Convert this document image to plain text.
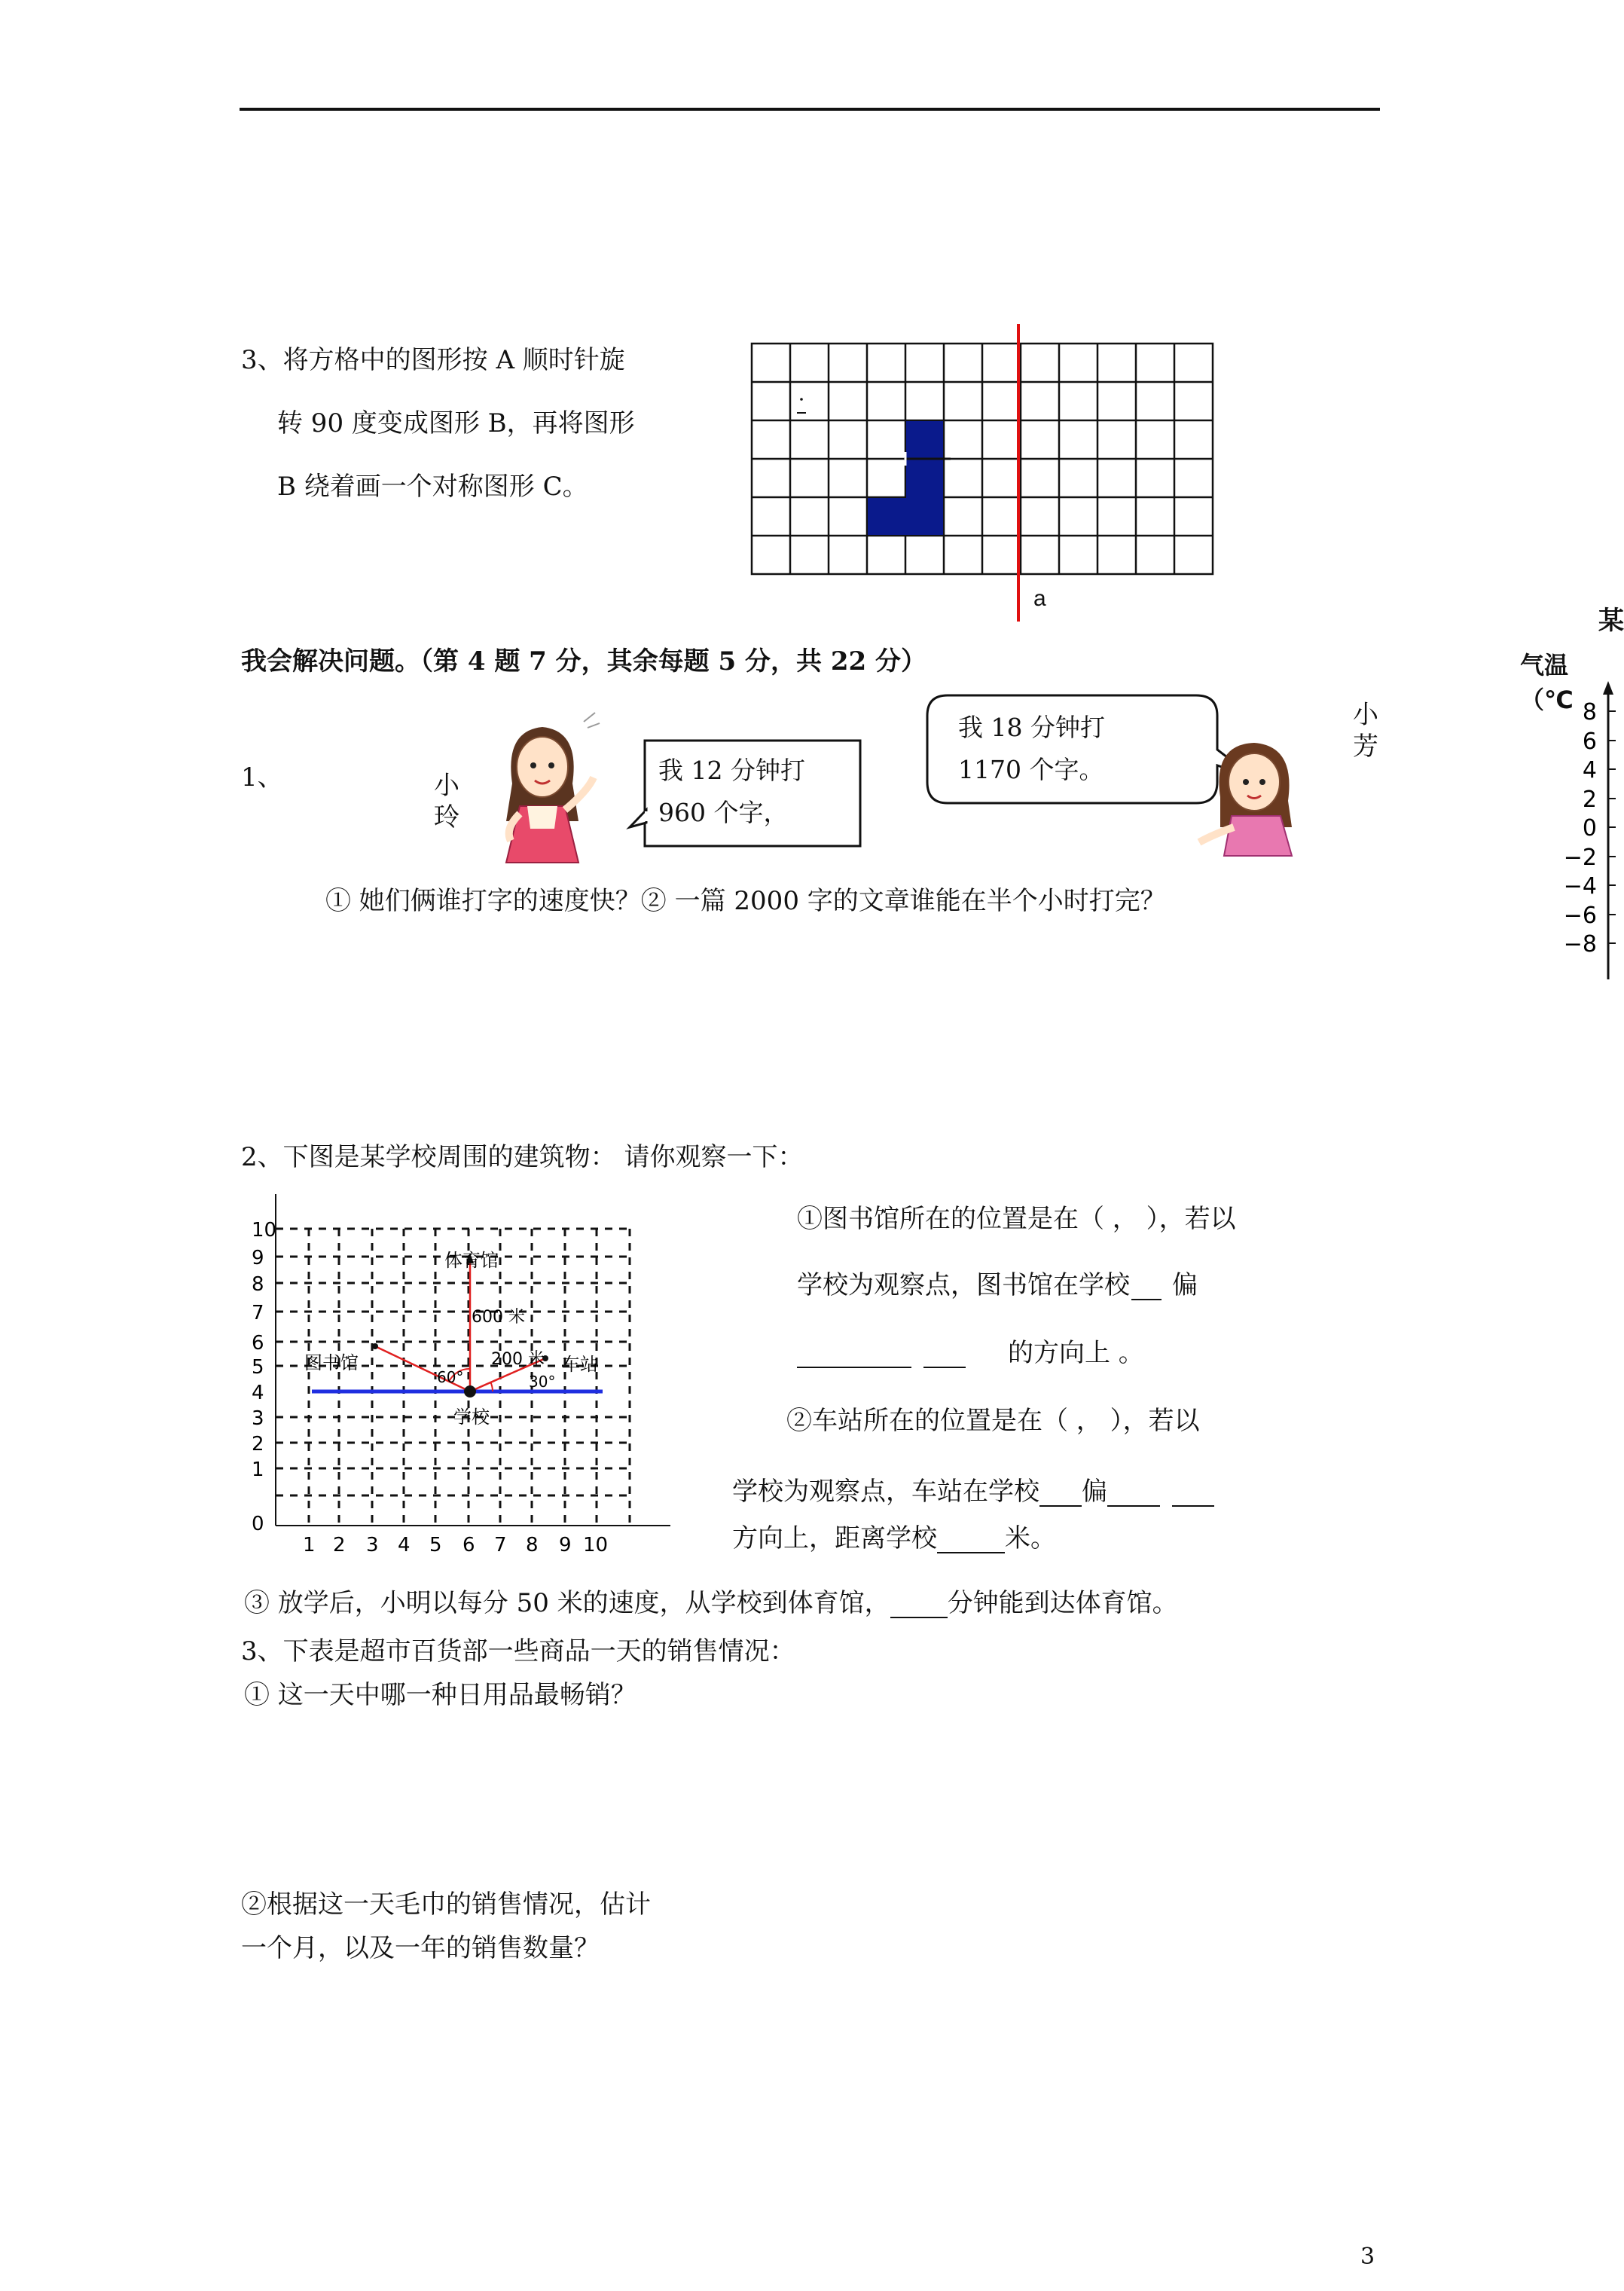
3、将方格中的图形按 A 顺时针旋
转 90 度变成图形 B，再将图形
B 绕着画一个对称图形 C。
a
某
气温（℃ 8
6
4
2
0
−2
−4
−6
−8
我会解决问题。（第 4 题 7 分，其余每题 5 分，共 22 分）
1、	小玲
我 12 分钟打
960 个字，
我 18 分钟打
1170 个字。
小芳
① 她们俩谁打字的速度快？② 一篇 2000 字的文章谁能在半个小时打完？
2、下图是某学校周围的建筑物： 请你观察一下：
体育馆
600 米
图书馆	200 米 车站
60°	30°
学校
10
9
8
7
6
5
4
3
2
1
0
1 2 3 4 5 6 7 8 9 10
①图书馆所在的位置是在（ ， ），若以
学校为观察点，图书馆在学校 偏
的方向上 。
②车站所在的位置是在（ ， ），若以
学校为观察点，车站在学校 偏
方向上，距离学校	米。
③ 放学后，小明以每分 50 米的速度，从学校到体育馆， 分钟能到达体育馆。
3、下表是超市百货部一些商品一天的销售情况：
① 这一天中哪一种日用品最畅销？
②根据这一天毛巾的销售情况，估计
一个月，以及一年的销售数量？
3
